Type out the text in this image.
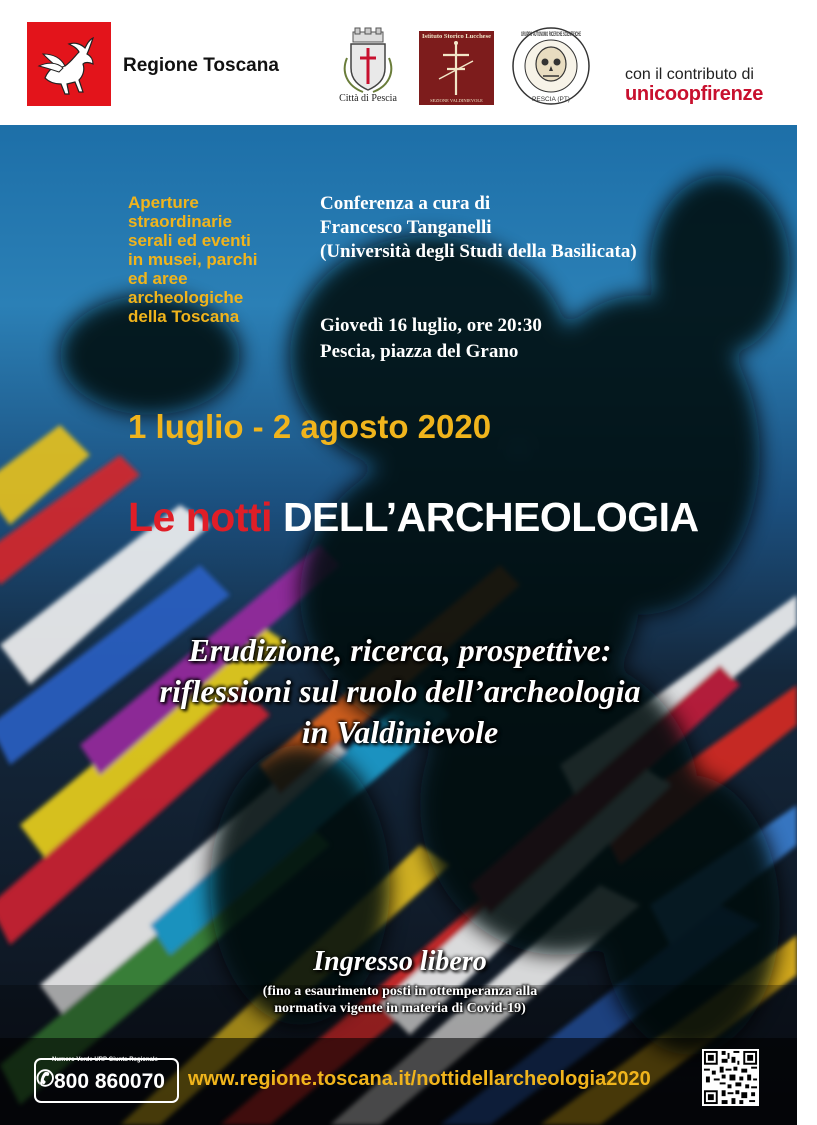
Regione Toscana
Città di Pescia
Istituto Storico Lucchese
SEZIONE VALDINIEVOLE
GRUPPO AUTONOMO RICERCHE SCIENTIFICHE
PESCIA (PT)
con il contributo di
unicoopfirenze
Aperture
straordinarie
serali ed eventi
in musei, parchi
ed aree
archeologiche
della Toscana
Conferenza a cura di
Francesco Tanganelli
(Università degli Studi della Basilicata)
Giovedì 16 luglio, ore 20:30
Pescia, piazza del Grano
1 luglio - 2 agosto 2020
Le notti DELL’ARCHEOLOGIA
Erudizione, ricerca, prospettive:
riflessioni sul ruolo dell’archeologia
in Valdinievole
Ingresso libero
(fino a esaurimento posti in ottemperanza alla
normativa vigente in materia di Covid-19)
✆
Numero Verde URP Giunta Regionale
800 860070 www.regione.toscana.it/nottidellarcheologia2020
